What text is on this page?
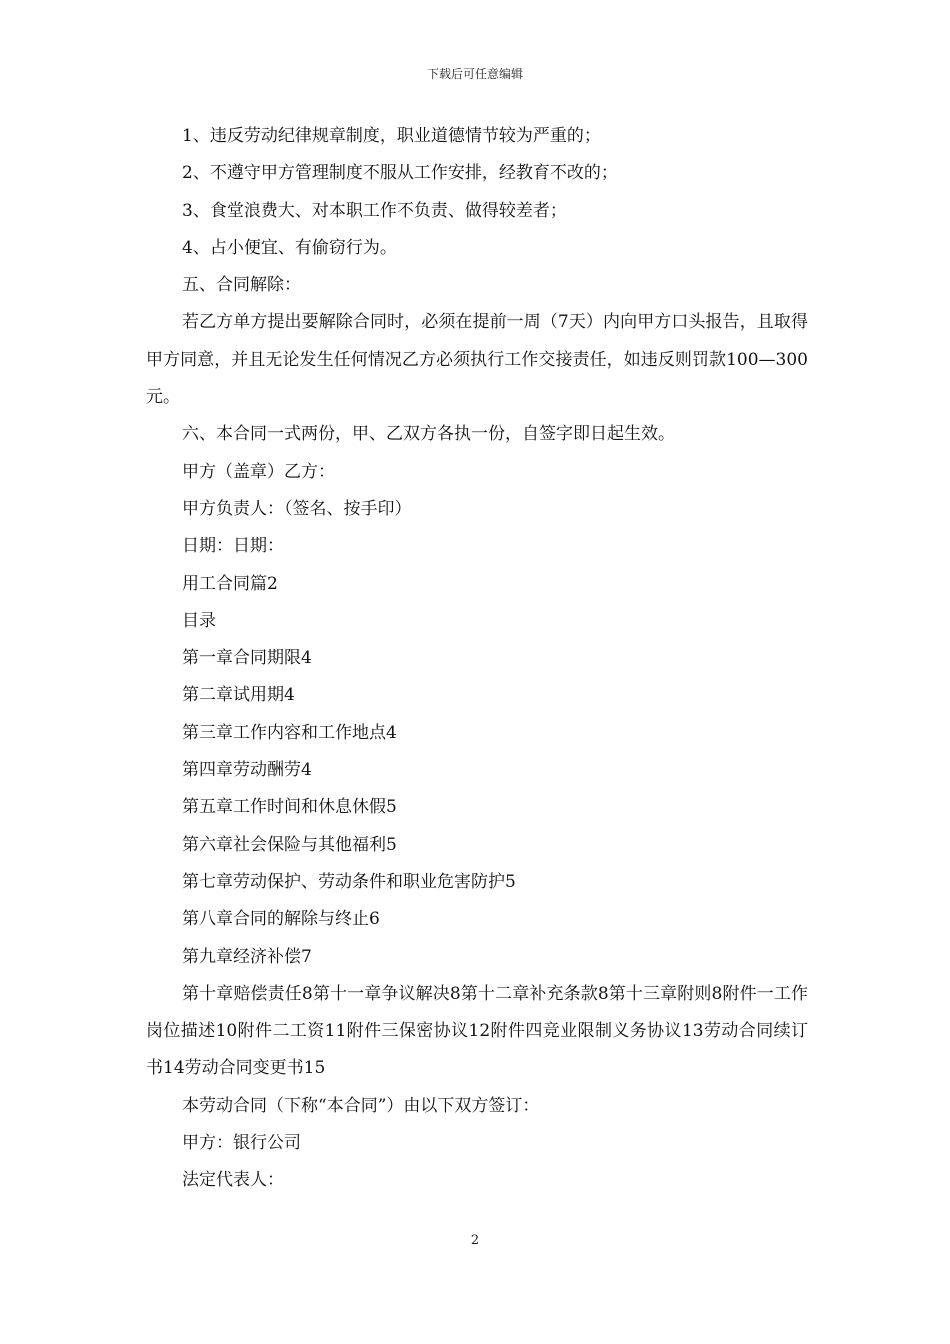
下载后可任意编辑

1、违反劳动纪律规章制度，职业道德情节较为严重的；

2、不遵守甲方管理制度不服从工作安排，经教育不改的；

3、食堂浪费大、对本职工作不负责、做得较差者；

4、占小便宜、有偷窃行为。

五、合同解除：

若乙方单方提出要解除合同时，必须在提前一周（7天）内向甲方口头报告，且取得甲方同意，并且无论发生任何情况乙方必须执行工作交接责任，如违反则罚款100—300元。

六、本合同一式两份，甲、乙双方各执一份，自签字即日起生效。

甲方（盖章）乙方：

甲方负责人：（签名、按手印）

日期：日期：

用工合同篇2

目录

第一章合同期限4

第二章试用期4

第三章工作内容和工作地点4

第四章劳动酬劳4

第五章工作时间和休息休假5

第六章社会保险与其他福利5

第七章劳动保护、劳动条件和职业危害防护5

第八章合同的解除与终止6

第九章经济补偿7

第十章赔偿责任8第十一章争议解决8第十二章补充条款8第十三章附则8附件一工作岗位描述10附件二工资11附件三保密协议12附件四竞业限制义务协议13劳动合同续订书14劳动合同变更书15

本劳动合同（下称“本合同”）由以下双方签订：

甲方：银行公司

法定代表人：

2
